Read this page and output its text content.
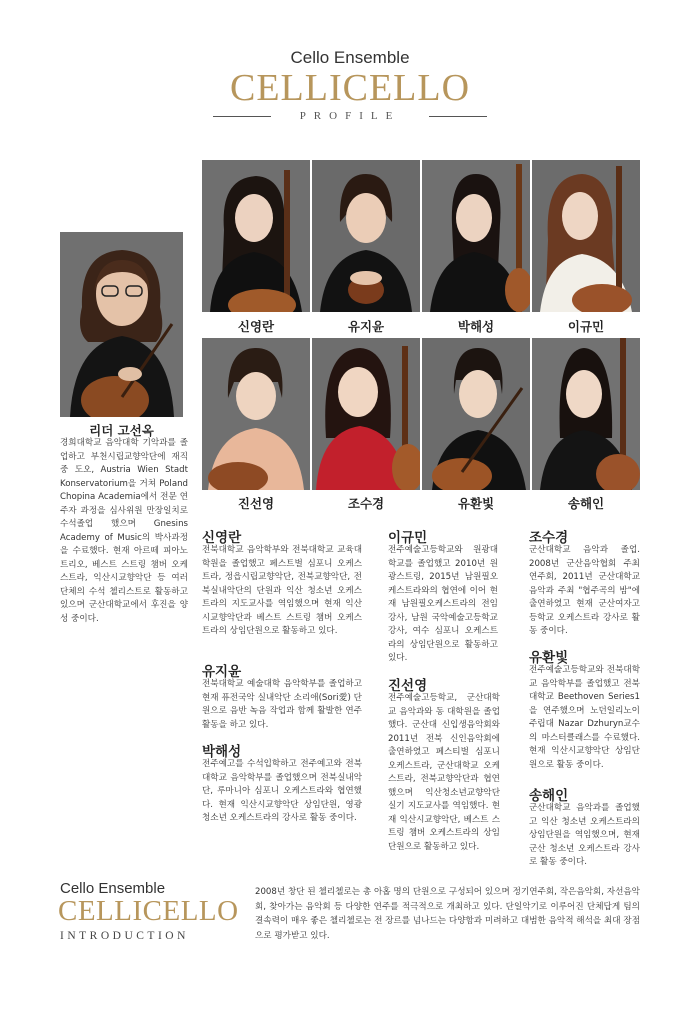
Cello Ensemble
CELLICELLO
PROFILE
리더 고선옥
경희대학교 음악대학 기악과를 졸업하고 부천시립교향악단에 재직 중 도오, Austria Wien Stadt Konservatorium을 거쳐 Poland Chopina Academia에서 전문 연주자 과정을 심사위원 만장일치로 수석졸업 했으며 Gnesins Academy of Music의 박사과정을 수료했다. 현재 아르떼 피아노트리오, 베스트 스트링 챔버 오케스트라, 익산시교향악단 등 여러 단체의 수석 첼리스트로 활동하고 있으며 군산대학교에서 후진을 양성 중이다.
신영란	유지윤	박해성	이규민
진선영	조수경	유환빛	송해인
신영란
전북대학교 음악학부와 전북대학교 교육대학원을 졸업했고 페스트벌 심포니 오케스트라, 정읍시립교향악단, 전북교향악단, 전북실내악단의 단원과 익산 청소년 오케스트라의 지도교사를 역임했으며 현재 익산시교향악단과 베스트 스트링 챔버 오케스트라의 상임단원으로 활동하고 있다.
유지윤
전북대학교 예술대학 음악학부를 졸업하고 현재 퓨전국악 실내악단 소리애(Sori愛) 단원으로 음반 녹음 작업과 함께 활발한 연주 활동을 하고 있다.
박해성
전주예고를 수석입학하고 전주예고와 전북대학교 음악학부를 졸업했으며 전북실내악단, 루마니아 심포니 오케스트라와 협연했다. 현재 익산시교향악단 상임단원, 영광 청소년 오케스트라의 강사로 활동 중이다.
이규민
전주예술고등학교와 원광대학교를 졸업했고 2010년 원광스트링, 2015년 남원필오케스트라와의 협연에 이어 현재 남원필오케스트라의 전임강사, 남원 국악예술고등학교 강사, 여수 심포니 오케스트라의 상임단원으로 활동하고 있다.
진선영
전주예술고등학교, 군산대학교 음악과와 동 대학원을 졸업했다. 군산대 신입생음악회와 2011년 전북 신인음악회에 출연하였고 페스티벌 심포니 오케스트라, 군산대학교 오케스트라, 전북교향악단과 협연했으며 익산청소년교향악단 실기 지도교사를 역임했다. 현재 익산시교향악단, 베스트 스트링 챔버 오케스트라의 상임단원으로 활동하고 있다.
조수경
군산대학교 음악과 졸업. 2008년 군산음악협회 주최 연주회, 2011년 군산대학교 음악과 주최 "협주곡의 밤"에 출연하였고 현재 군산여자고등학교 오케스트라 강사로 활동 중이다.
유환빛
전주예술고등학교와 전북대학교 음악학부를 졸업했고 전북대학교 Beethoven Series1을 연주했으며 노던일리노이 주립대 Nazar Dzhuryn교수의 마스터클래스를 수료했다. 현재 익산시교향악단 상임단원으로 활동 중이다.
송해인
군산대학교 음악과를 졸업했고 익산 청소년 오케스트라의 상임단원을 역임했으며, 현재 군산 청소년 오케스트라 강사로 활동 중이다.
Cello Ensemble
CELLICELLO
INTRODUCTION
2008년 창단 된 첼리첼로는 총 아홉 명의 단원으로 구성되어 있으며 정기연주회, 작은음악회, 자선음악회, 찾아가는 음악회 등 다양한 연주를 적극적으로 개최하고 있다. 단일악기로 이루어진 단체답게 팀의 결속력이 매우 좋은 첼리첼로는 전 장르를 넘나드는 다양함과 미려하고 대범한 음악적 해석을 최대 장점으로 평가받고 있다.
